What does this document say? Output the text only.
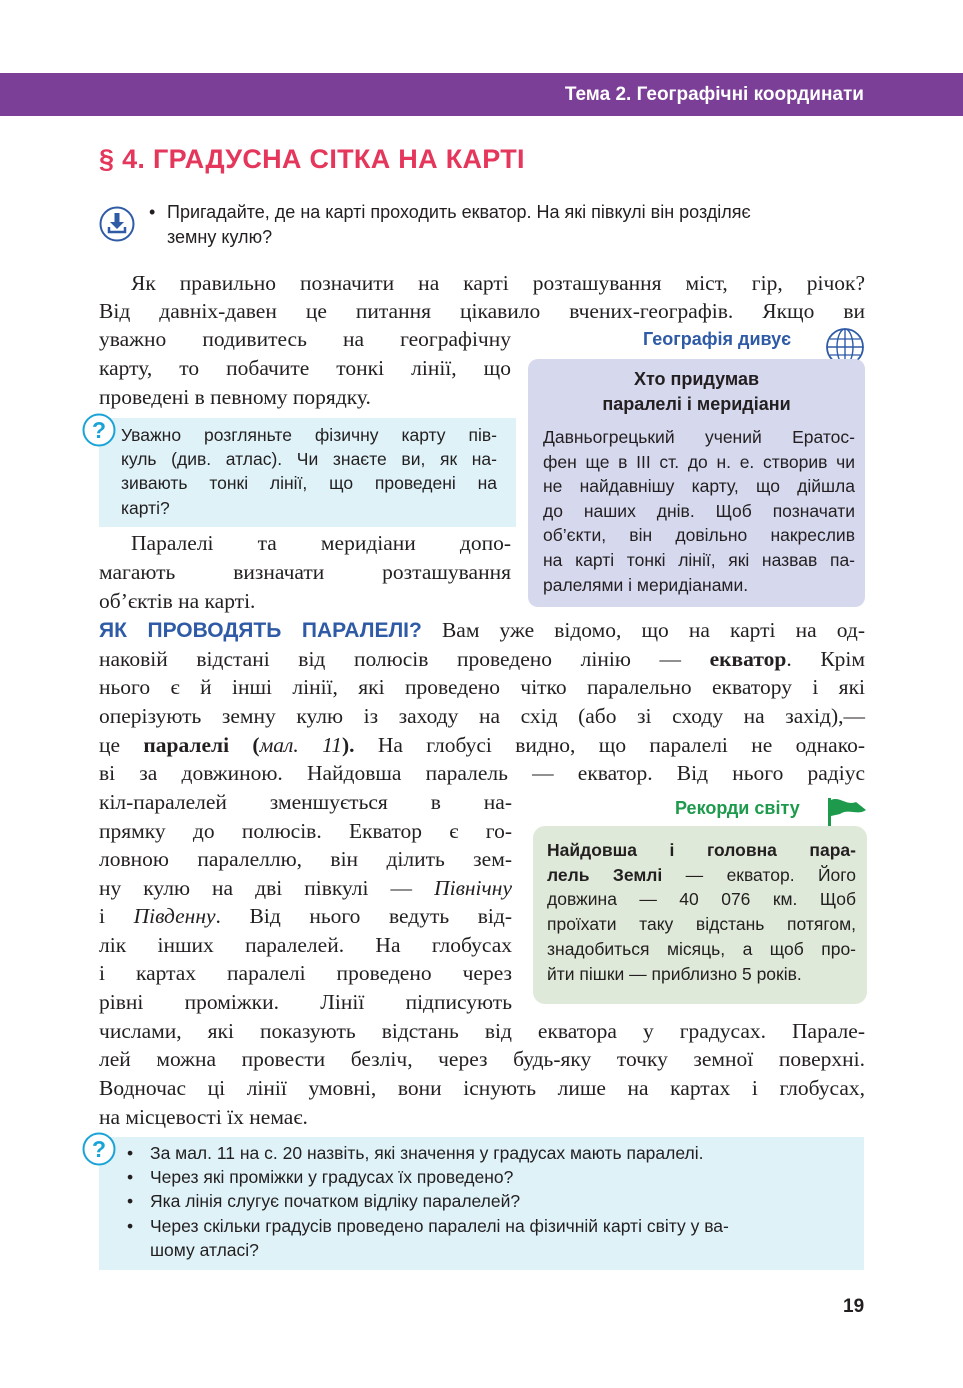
Тема 2. Географічні координати
§ 4. ГРАДУСНА СІТКА НА КАРТІ
• Пригадайте, де на карті проходить екватор. На які півкулі він розділяє
земну кулю?
Як правильно позначити на карті розташування міст, гір, річок?
Від давніх-давен це питання цікавило вчених-географів. Якщо ви
уважно подивитесь на географічну
карту, то побачите тонкі лінії, що
проведені в певному порядку.
? Уважно розгляньте фізичну карту пів-
куль (див. атлас). Чи знаєте ви, як на-
зивають тонкі лінії, що проведені на
карті?
Паралелі та меридіани допо-
магають визначати розташування
об’єктів на карті.
Географія дивує
Хто придумав
паралелі і меридіани
Давньогрецький учений Ератос-
фен ще в ІІІ ст. до н. е. створив чи
не найдавнішу карту, що дійшла
до наших днів. Щоб позначати
об’єкти, він довільно накреслив
на карті тонкі лінії, які назвав па-
ралелями і меридіанами.
ЯК ПРОВОДЯТЬ ПАРАЛЕЛІ? Вам уже відомо, що на карті на од-
наковій відстані від полюсів проведено лінію — екватор. Крім
нього є й інші лінії, які проведено чітко паралельно екватору і які
оперізують земну кулю із заходу на схід (або зі сходу на захід),—
це паралелі (мал. 11). На глобусі видно, що паралелі не однако-
ві за довжиною. Найдовша паралель — екватор. Від нього радіус
кіл-паралелей зменшується в на-
прямку до полюсів. Екватор є го-
ловною паралеллю, він ділить зем-
ну кулю на дві півкулі — Північну
і Південну. Від нього ведуть від-
лік інших паралелей. На глобусах
і картах паралелі проведено через
рівні проміжки. Лінії підписують
числами, які показують відстань від екватора у градусах. Парале-
лей можна провести безліч, через будь-яку точку земної поверхні.
Водночас ці лінії умовні, вони існують лише на картах і глобусах,
на місцевості їх немає.
Рекорди світу
Найдовша і головна пара-
лель Землі — екватор. Його
довжина — 40 076 км. Щоб
проїхати таку відстань потягом,
знадобиться місяць, а щоб про-
йти пішки — приблизно 5 років.
? • За мал. 11 на с. 20 назвіть, які значення у градусах мають паралелі.
• Через які проміжки у градусах їх проведено?
• Яка лінія слугує початком відліку паралелей?
• Через скільки градусів проведено паралелі на фізичній карті світу у ва-
шому атласі?
19
